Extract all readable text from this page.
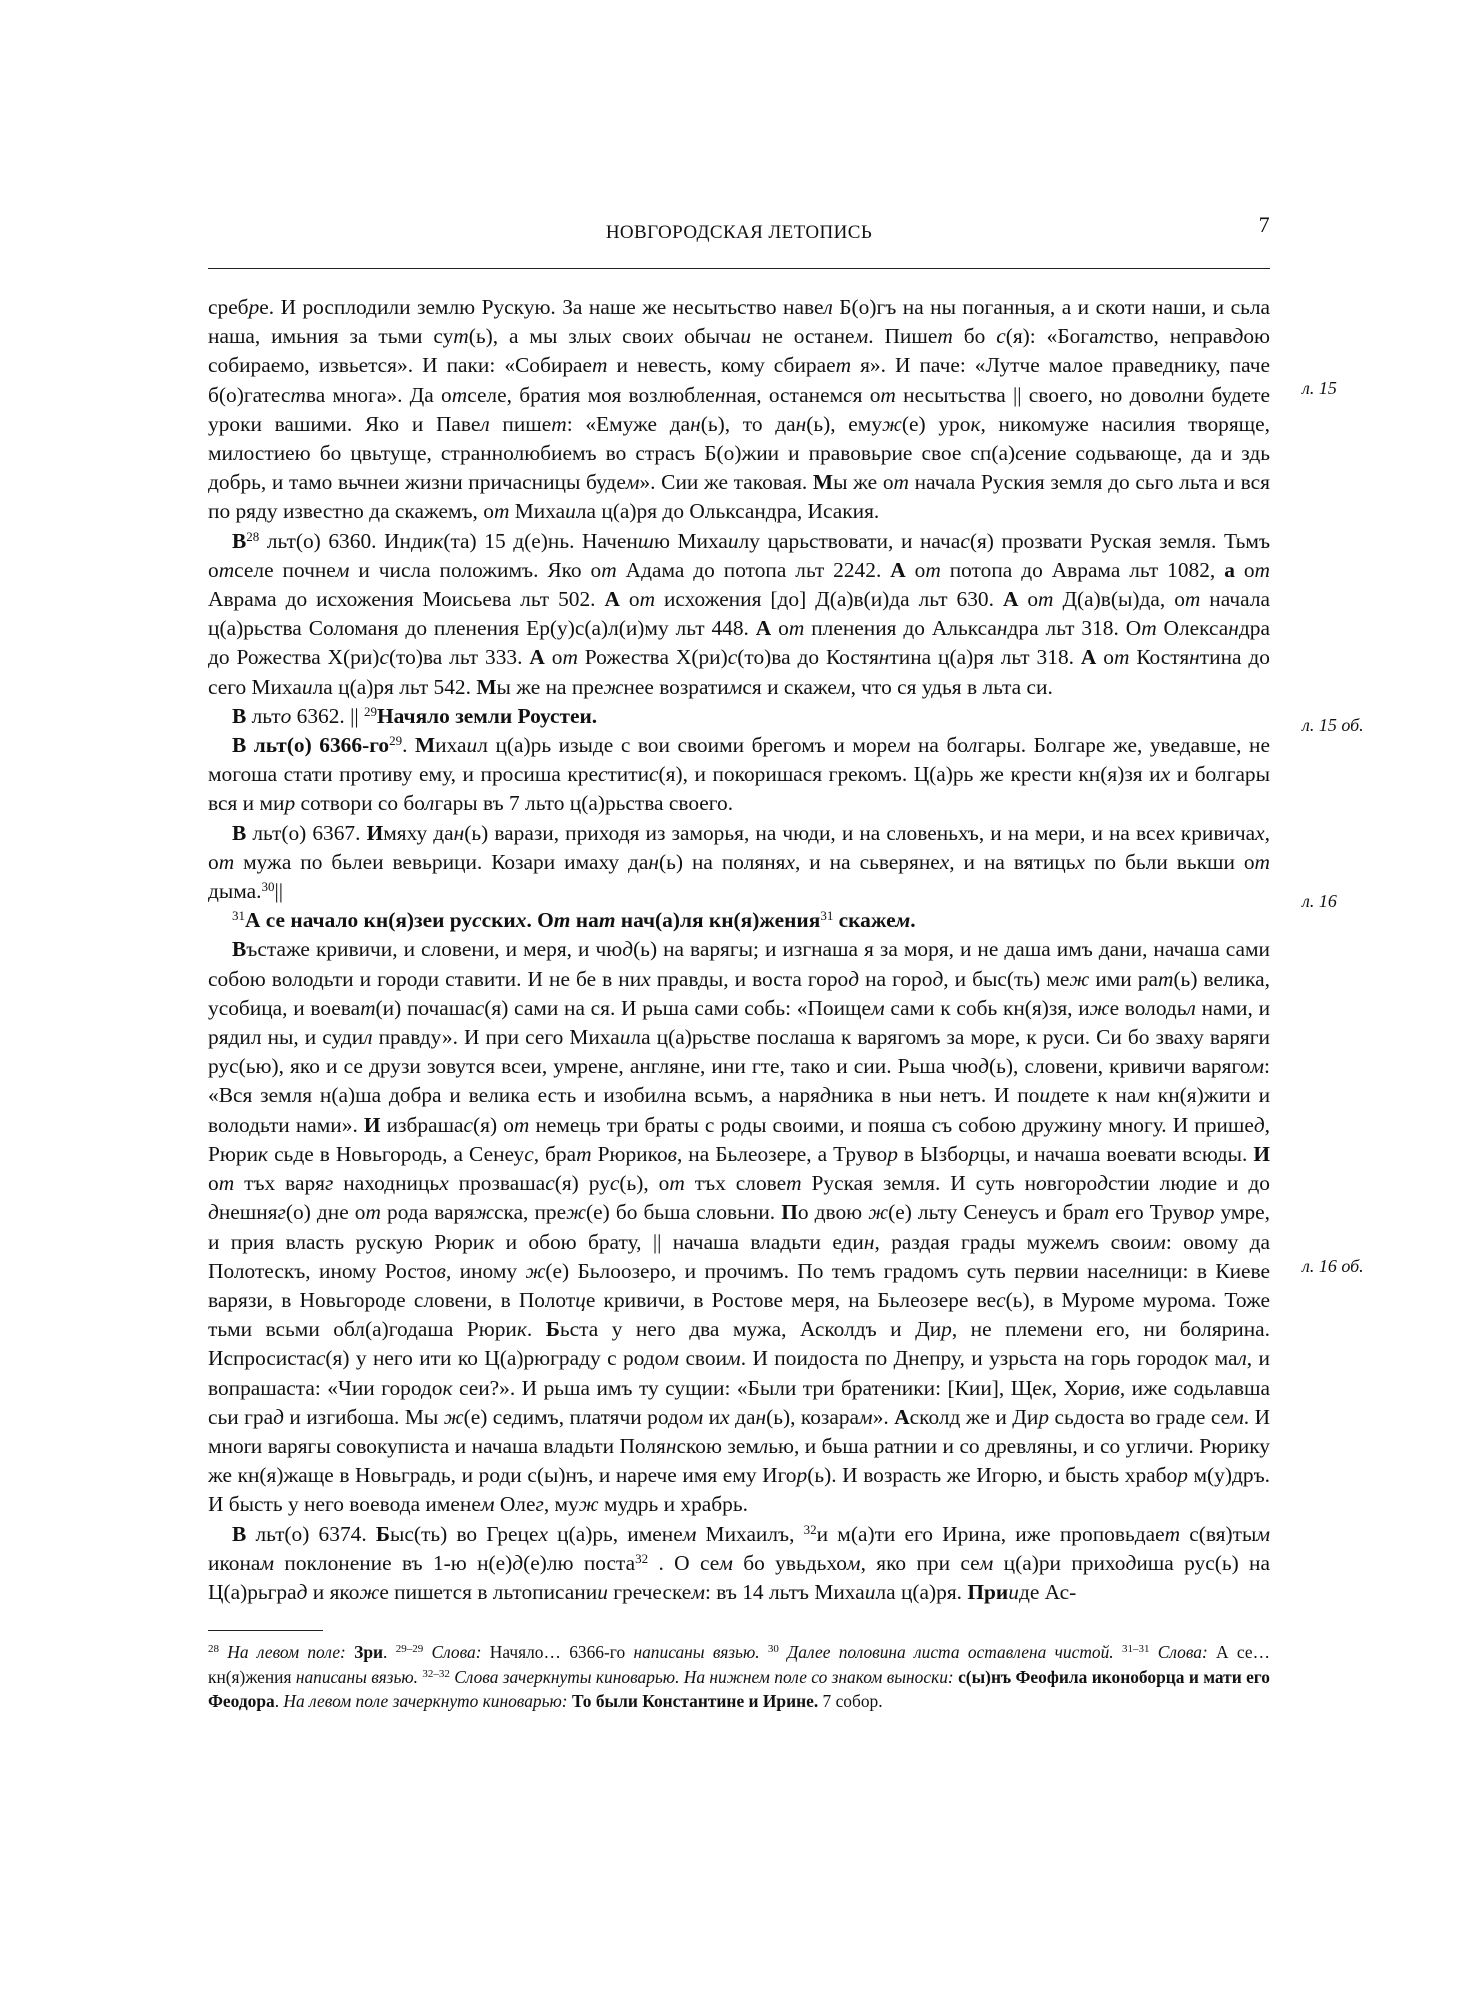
НОВГОРОДСКАЯ ЛЕТОПИСЬ	7

сребре. И росплодили землю Рускую. За наше же несытьство навел Б(о)гъ на ны поганныя, а и скоти наши, и сьла наша, имьния за тьми сут(ь), а мы злых своих обычаи не останем. Пишет бо с(я): «Богатство, неправдою собираемо, извьется». И паки: «Собирает и невесть, кому сбирает я». И паче: «Лутче малое праведнику, паче б(о)гатества многа». Да отселе, братия моя возлюбленная, останемся от несытьства || своего, но доволни будете уроки вашими. Яко и Павел пишет: «Емуже дан(ь), то дан(ь), емуж(е) урок, никомуже насилия творяще, милостиею бо цвьтуще, страннолюбиемъ во страсъ Б(о)жии и правовьрие свое сп(а)сение содьвающе, да и здь добрь, и тамо вьчнеи жизни причасницы будем». Сии же таковая. Мы же от начала Руския земля до сьго льта и вся по ряду известно да скажемъ, от Михаила ц(а)ря до Ольксандра, Исакия.

$В^{28}$ льт(о) 6360. Индик(та) 15 д(е)нь. Наченшю Михаилу царьствовати, и начас(я) прозвати Руская земля. Тьмъ отселе почнем и числа положимъ. Яко от Адама до потопа льт 2242. А от потопа до Аврама льт 1082, а от Аврама до исхожения Моисьева льт 502. А от исхожения [до] Д(а)в(и)да льт 630. А от Д(а)в(ы)да, от начала ц(а)рьства Соломаня до пленения Ер(у)с(а)л(и)му льт 448. А от пленения до Альксандра льт 318. От Олександра до Рожества Х(ри)с(то)ва льт 333. А от Рожества Х(ри)с(то)ва до Костянтина ц(а)ря льт 318. А от Костянтина до сего Михаила ц(а)ря льт 542. Мы же на прежнее возратимся и скажем, что ся удья в льта си.

В льто 6362. || $^{29}$Начяло земли Роустеи.

В льт(о) $6366-го^{29}$. Михаил ц(а)рь изыде с вои своими брегомъ и морем на болгары. Болгаре же, уведавше, не могоша стати противу ему, и просиша креститис(я), и покоришася грекомъ. Ц(а)рь же крести кн(я)зя их и болгары вся и мир сотвори со болгары въ 7 льто ц(а)рьства своего.

В льт(о) 6367. Имяху дан(ь) варази, приходя из заморья, на чюди, и на словеньхъ, и на мери, и на всех кривичах, от мужа по бьлеи вевьрици. Козари имаху дан(ь) на полянях, и на сьверянех, и на вятицьх по бьли вькши от дыма.$^{30}$||

$^{31}$А се начало кн(я)зеи русских. От нат нач(а)ля кн(я)жения$^{31}$ скажем.

Въстаже кривичи, и словени, и меря, и чюд(ь) на варягы; и изгнаша я за моря, и не даша имъ дани, начаша сами собою володьти и городи ставити. И не бе в них правды, и воста город на город, и быс(ть) меж ими рат(ь) велика, усобица, и воеват(и) почашас(я) сами на ся. И рьша сами собь: «Поищем сами к собь кн(я)зя, иже володьл нами, и рядил ны, и судил правду». И при сего Михаила ц(а)рьстве послаша к варягомъ за море, к руси. Си бо зваху варяги рус(ью), яко и се друзи зовутся всеи, умрене, англяне, ини гте, тако и сии. Рьша чюд(ь), словени, кривичи варягом: «Вся земля н(а)ша добра и велика есть и изобилна всьмъ, а нарядника в ньи нетъ. И поидете к нам кн(я)жити и володьти нами». И избрашас(я) от немець три браты с роды своими, и пояша съ собою дружину многу. И пришeд, Рюрик сьде в Новьгородь, а Сенеус, брат Рюриков, на Бьлеозере, а Трувор в Ызборцы, и начаша воевати всюды. И от тъх варяг находницьх прозвашас(я) рус(ь), от тъх словет Руская земля. И суть новгородстии людие и до днешняг(о) дне от рода варяжска, преж(е) бо бьша словьни. По двою ж(е) льту Сенеусъ и брат его Трувор умре, и прия власть рускую Рюрик и обою брату, || начаша владьти един, раздая грады мужемъ своим: овому да Полотескъ, иному Ростов, иному ж(е) Бьлоозеро, и прочимъ. По темъ градомъ суть первии населници: в Киеве варязи, в Новьгороде словени, в Полотце кривичи, в Ростове меря, на Бьлеозере вес(ь), в Муроме мурома. Тоже тьми всьми обл(а)годаша Рюрик. Бьста у него два мужа, Асколдъ и Дир, не племени его, ни болярина. Испросистас(я) у него ити ко Ц(а)рюграду с родом своим. И поидоста по Днепру, и узрьста на горь городок мал, и вопрашаста: «Чии городок сеи?». И рьша имъ ту сущии: «Были три братеники: [Кии], Щек, Хорив, иже содьлавша сьи град и изгибоша. Мы ж(е) седимъ, платячи родом их дан(ь), козарам». Асколд же и Дир сьдоста во граде сем. И мноrи варягы совокуписта и начаша владьти Полянскою землью, и бьша ратнии и со древляны, и со угличи. Рюрику же кн(я)жащe в Новьградь, и роди с(ы)нъ, и нарече имя ему Игор(ь). И возрасть же Игорю, и бысть храбор м(у)дръ. И бысть у него воевода именем Олег, муж мудрь и храбрь.

В льт(о) 6374. Быс(ть) во Грецех ц(а)рь, именем Михаилъ, $^{32}$и м(а)ти его Ирина, иже проповьдает с(вя)тым иконам поклонение въ 1-ю н(е)д(е)лю поста$^{32}$ . О сем бо увьдьхом, яко при сем ц(а)ри приходиша рус(ь) на Ц(а)рьград и якоже пишется в льтописании греческем: въ 14 льтъ Михаила ц(а)ря. Прииде Ас-

л. 15
л. 15 об.
л. 16
л. 16 об.
$^{28}$ На левом поле: Зри. $^{29-29}$ Слова: Начяло… 6366-го написаны вязью. $^{30}$ Далее половина листа оставлена чистой. $^{31-31}$ Слова: А се… кн(я)жения написаны вязью. $^{32-32}$ Слова зачеркнуты киноварью. На нижнем поле со знаком выноски: с(ы)нъ Феофила иконоборца и мати его Феодора. На левом поле зачеркнуто киноварью: То были Константине и Ирине. 7 собор.
